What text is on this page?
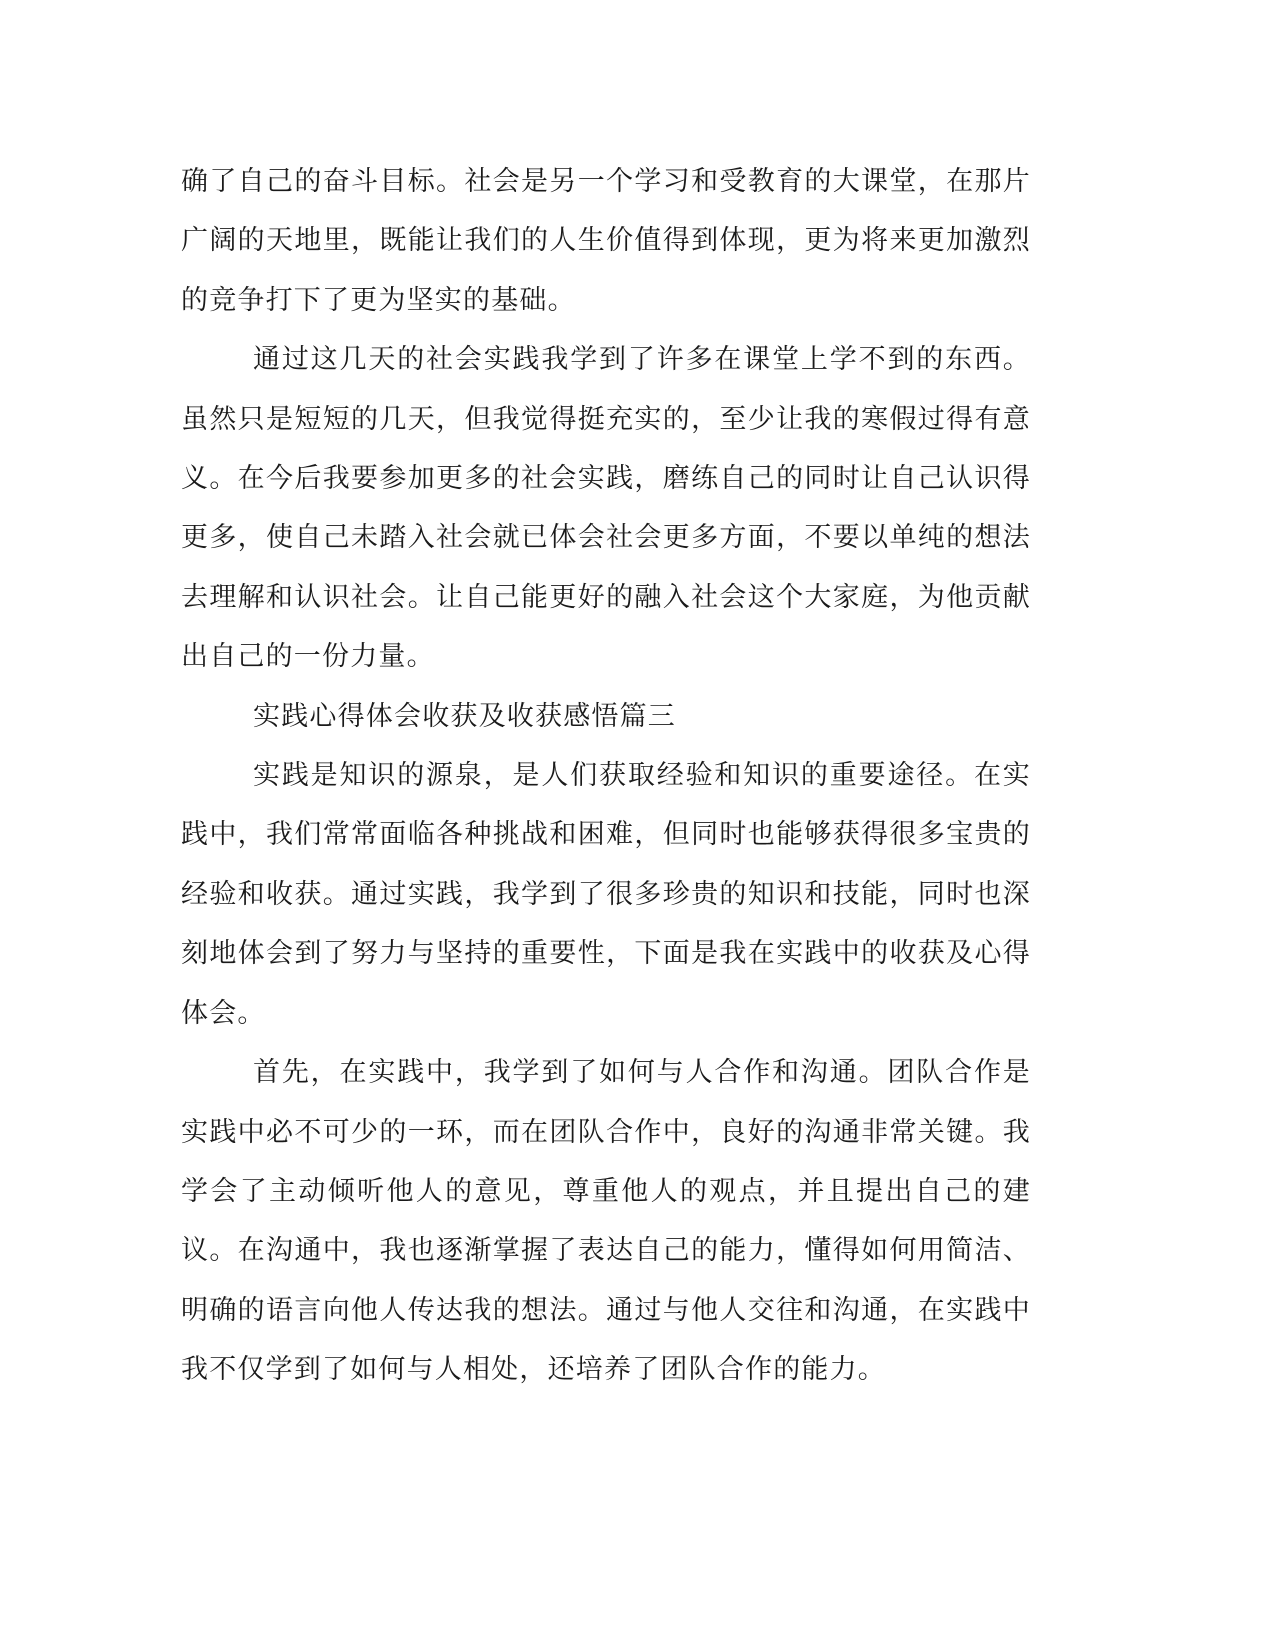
确了自己的奋斗目标。社会是另一个学习和受教育的大课堂，在那片广阔的天地里，既能让我们的人生价值得到体现，更为将来更加激烈的竞争打下了更为坚实的基础。

通过这几天的社会实践我学到了许多在课堂上学不到的东西。虽然只是短短的几天，但我觉得挺充实的，至少让我的寒假过得有意义。在今后我要参加更多的社会实践，磨练自己的同时让自己认识得更多，使自己未踏入社会就已体会社会更多方面，不要以单纯的想法去理解和认识社会。让自己能更好的融入社会这个大家庭，为他贡献出自己的一份力量。

实践心得体会收获及收获感悟篇三

实践是知识的源泉，是人们获取经验和知识的重要途径。在实践中，我们常常面临各种挑战和困难，但同时也能够获得很多宝贵的经验和收获。通过实践，我学到了很多珍贵的知识和技能，同时也深刻地体会到了努力与坚持的重要性，下面是我在实践中的收获及心得体会。

首先，在实践中，我学到了如何与人合作和沟通。团队合作是实践中必不可少的一环，而在团队合作中，良好的沟通非常关键。我学会了主动倾听他人的意见，尊重他人的观点，并且提出自己的建议。在沟通中，我也逐渐掌握了表达自己的能力，懂得如何用简洁、明确的语言向他人传达我的想法。通过与他人交往和沟通，在实践中我不仅学到了如何与人相处，还培养了团队合作的能力。
